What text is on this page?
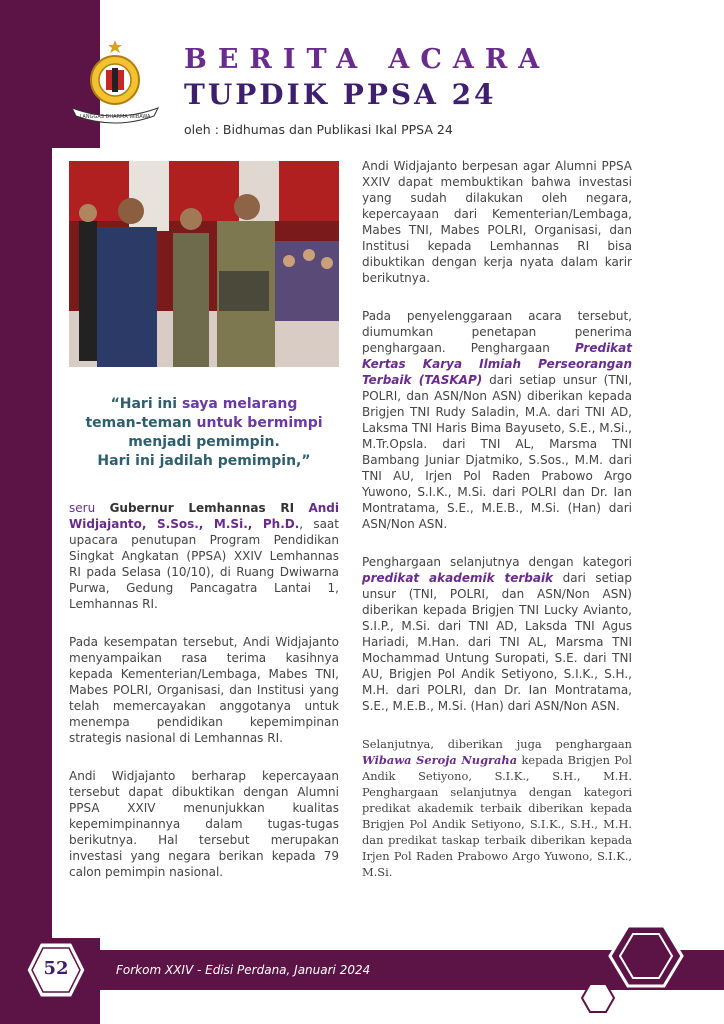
LANGGAS DHARMA WIBAWA
BERITA ACARA
TUPDIK PPSA 24
oleh : Bidhumas dan Publikasi Ikal PPSA 24
“Hari ini saya melarang
teman-teman untuk bermimpi
menjadi pemimpin.
Hari ini jadilah pemimpin,”

seru Gubernur Lemhannas RI Andi Widjajanto, S.Sos., M.Si., Ph.D., saat upacara penutupan Program Pendidikan Singkat Angkatan (PPSA) XXIV Lemhannas RI pada Selasa (10/10), di Ruang Dwiwarna Purwa, Gedung Pancagatra Lantai 1, Lemhannas RI.

Pada kesempatan tersebut, Andi Widjajanto menyampaikan rasa terima kasihnya kepada Kementerian/Lembaga, Mabes TNI, Mabes POLRI, Organisasi, dan Institusi yang telah memercayakan anggotanya untuk menempa pendidikan kepemimpinan strategis nasional di Lemhannas RI.

Andi Widjajanto berharap kepercayaan tersebut dapat dibuktikan dengan Alumni PPSA XXIV menunjukkan kualitas kepemimpinannya dalam tugas-tugas berikutnya. Hal tersebut merupakan investasi yang negara berikan kepada 79 calon pemimpin nasional.

Andi Widjajanto berpesan agar Alumni PPSA XXIV dapat membuktikan bahwa investasi yang sudah dilakukan oleh negara, kepercayaan dari Kementerian/Lembaga, Mabes TNI, Mabes POLRI, Organisasi, dan Institusi kepada Lemhannas RI bisa dibuktikan dengan kerja nyata dalam karir berikutnya.

Pada penyelenggaraan acara tersebut, diumumkan penetapan penerima penghargaan. Penghargaan Predikat Kertas Karya Ilmiah Perseorangan Terbaik (TASKAP) dari setiap unsur (TNI, POLRI, dan ASN/Non ASN) diberikan kepada Brigjen TNI Rudy Saladin, M.A. dari TNI AD, Laksma TNI Haris Bima Bayuseto, S.E., M.Si., M.Tr.Opsla. dari TNI AL, Marsma TNI Bambang Juniar Djatmiko, S.Sos., M.M. dari TNI AU, Irjen Pol Raden Prabowo Argo Yuwono, S.I.K., M.Si. dari POLRI dan Dr. Ian Montratama, S.E., M.E.B., M.Si. (Han) dari ASN/Non ASN.

Penghargaan selanjutnya dengan kategori predikat akademik terbaik dari setiap unsur (TNI, POLRI, dan ASN/Non ASN) diberikan kepada Brigjen TNI Lucky Avianto, S.I.P., M.Si. dari TNI AD, Laksda TNI Agus Hariadi, M.Han. dari TNI AL, Marsma TNI Mochammad Untung Suropati, S.E. dari TNI AU, Brigjen Pol Andik Setiyono, S.I.K., S.H., M.H. dari POLRI, dan Dr. Ian Montratama, S.E., M.E.B., M.Si. (Han) dari ASN/Non ASN.

Selanjutnya, diberikan juga penghargaan Wibawa Seroja Nugraha kepada Brigjen Pol Andik Setiyono, S.I.K., S.H., M.H. Penghargaan selanjutnya dengan kategori predikat akademik terbaik diberikan kepada Brigjen Pol Andik Setiyono, S.I.K., S.H., M.H. dan predikat taskap terbaik diberikan kepada Irjen Pol Raden Prabowo Argo Yuwono, S.I.K., M.Si.

52	Forkom XXIV - Edisi Perdana, Januari 2024
